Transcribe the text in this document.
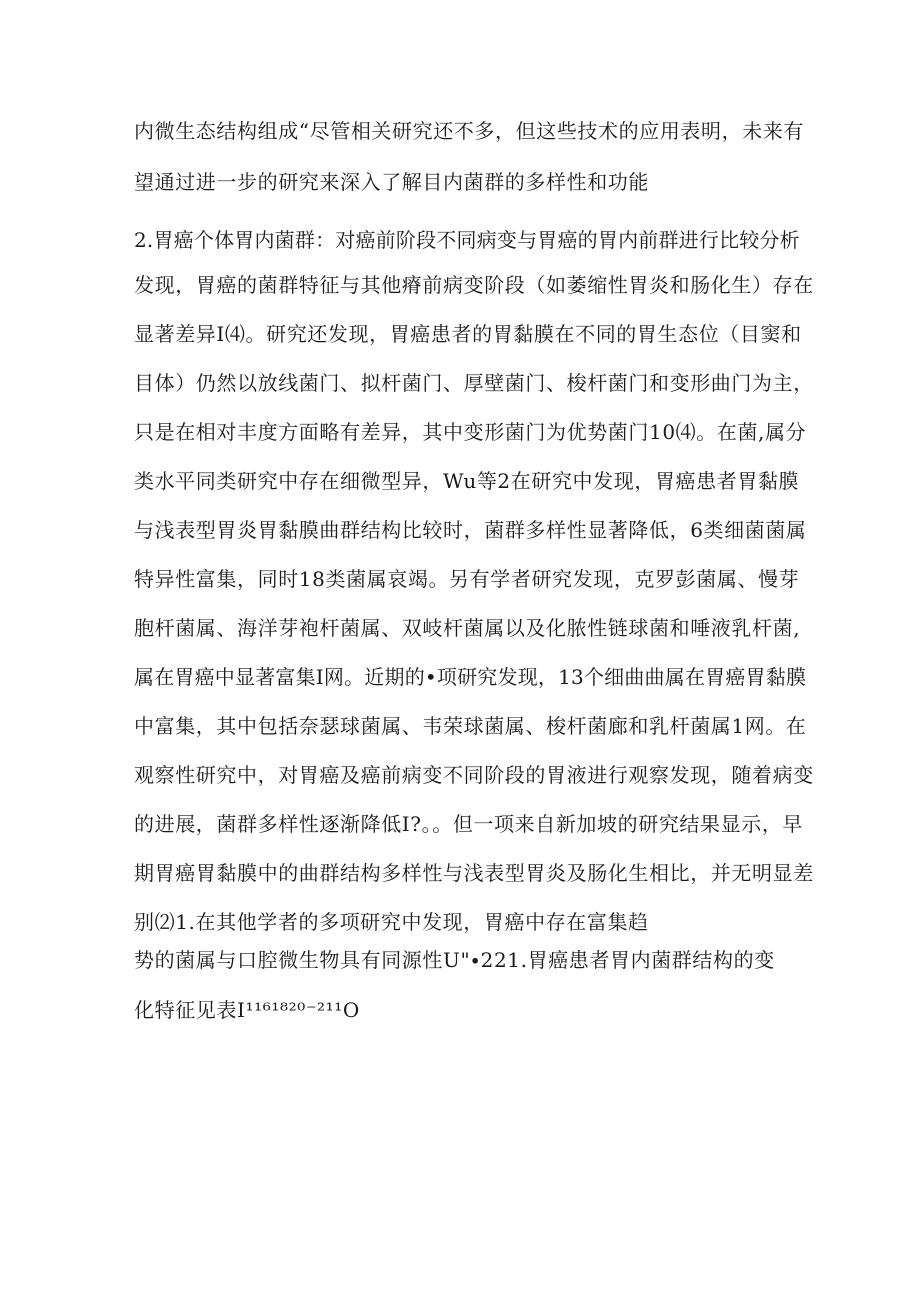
内微生态结构组成“尽管相关研究还不多，但这些技术的应用表明，未来有
望通过进一步的研究来深入了解目内菌群的多样性和功能
2.胃癌个体胃内菌群：对癌前阶段不同病变与胃癌的胃内前群进行比较分析
发现，胃癌的菌群特征与其他瘠前病变阶段（如萎缩性胃炎和肠化生）存在
显著差异I⑷。研究还发现，胃癌患者的胃黏膜在不同的胃生态位（目窦和
目体）仍然以放线菌门、拟杆菌门、厚壁菌门、梭杆菌门和变形曲门为主，
只是在相对丰度方面略有差异，其中变形菌门为优势菌门10⑷。在菌,属分
类水平同类研究中存在细微型异，Wu等2在研究中发现，胃癌患者胃黏膜
与浅表型胃炎胃黏膜曲群结构比较时，菌群多样性显著降低，6类细菌菌属
特异性富集，同时18类菌属哀竭。另有学者研究发现，克罗彭菌属、慢芽
胞杆菌属、海洋芽袍杆菌属、双岐杆菌属以及化脓性链球菌和唾液乳杆菌,
属在胃癌中显著富集I网。近期的•项研究发现，13个细曲曲属在胃癌胃黏膜
中富集，其中包括奈瑟球菌属、韦荣球菌属、梭杆菌廊和乳杆菌属1网。在
观察性研究中，对胃癌及癌前病变不同阶段的胃液进行观察发现，随着病变
的进展，菌群多样性逐渐降低I?。。但一项来自新加坡的研究结果显示，早
期胃癌胃黏膜中的曲群结构多样性与浅表型胃炎及肠化生相比，并无明显差
别⑵1.在其他学者的多项研究中发现，胃癌中存在富集趋
势的菌属与口腔微生物具有同源性U"∙221.胃癌患者胃内菌群结构的变
化特征见表I¹¹⁶¹⁸²⁰⁻²¹¹O
